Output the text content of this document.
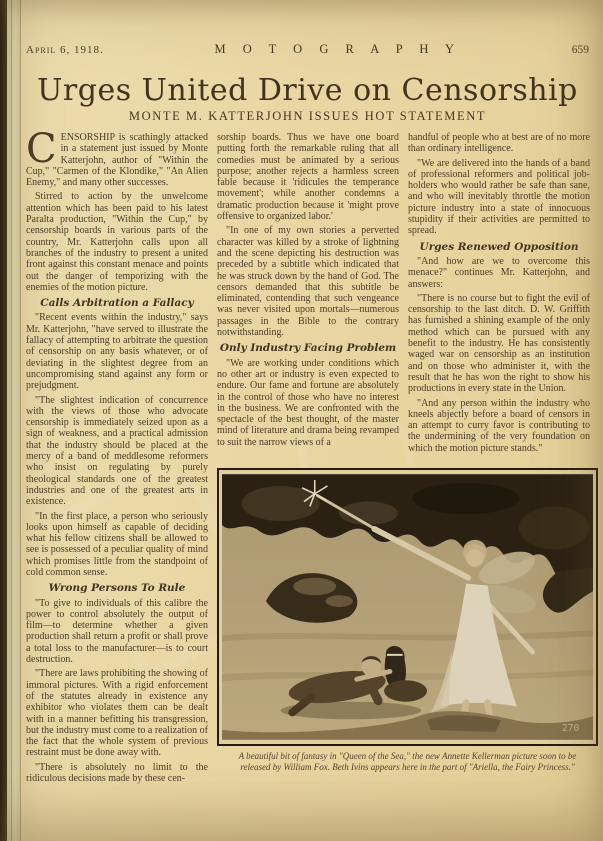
April 6, 1918.	M O T O G R A P H Y	659
Urges United Drive on Censorship
MONTE M. KATTERJOHN ISSUES HOT STATEMENT

CENSORSHIP is scathingly attacked in a statement just issued by Monte Katterjohn, author of "Within the Cup," "Carmen of the Klondike," "An Alien Enemy," and many other successes.

Stirred to action by the unwelcome attention which has been paid to his latest Paralta production, "Within the Cup," by censorship boards in various parts of the country, Mr. Katterjohn calls upon all branches of the industry to present a united front against this constant menace and points out the danger of temporizing with the enemies of the motion picture.

Calls Arbitration a Fallacy

"Recent events within the industry," says Mr. Katterjohn, "have served to illustrate the fallacy of attempting to arbitrate the question of censorship on any basis whatever, or of deviating in the slightest degree from an uncompromising stand against any form or prejudgment.

"The slightest indication of concurrence with the views of those who advocate censorship is immediately seized upon as a sign of weakness, and a practical admission that the industry should be placed at the mercy of a band of meddlesome reformers who insist on regulating by purely theological standards one of the greatest industries and one of the greatest arts in existence.

"In the first place, a person who seriously looks upon himself as capable of deciding what his fellow citizens shall be allowed to see is possessed of a peculiar quality of mind which promises little from the standpoint of cold common sense.

Wrong Persons To Rule

"To give to individuals of this calibre the power to control absolutely the output of film—to determine whether a given production shall return a profit or shall prove a total loss to the manufacturer—is to court destruction.

"There are laws prohibiting the showing of immoral pictures. With a rigid enforcement of the statutes already in existence any exhibitor who violates them can be dealt with in a manner befitting his transgression, but the industry must come to a realization of the fact that the whole system of previous restraint must be done away with.

"There is absolutely no limit to the ridiculous decisions made by these cen-

sorship boards. Thus we have one board putting forth the remarkable ruling that all comedies must be animated by a serious purpose; another rejects a harmless screen fable because it 'ridicules the temperance movement'; while another condemns a dramatic production because it 'might prove offensive to organized labor.'

"In one of my own stories a perverted character was killed by a stroke of lightning and the scene depicting his destruction was preceded by a subtitle which indicated that he was struck down by the hand of God. The censors demanded that this subtitle be eliminated, contending that such vengeance was never visited upon mortals—numerous passages in the Bible to the contrary notwithstanding.

Only Industry Facing Problem

"We are working under conditions which no other art or industry is even expected to endure. Our fame and fortune are absolutely in the control of those who have no interest in the business. We are confronted with the spectacle of the best thought, of the master mind of literature and drama being revamped to suit the narrow views of a

handful of people who at best are of no more than ordinary intelligence.

"We are delivered into the hands of a band of professional reformers and political job-holders who would rather be safe than sane, and who will inevitably throttle the motion picture industry into a state of innocuous stupidity if their activities are permitted to spread.

Urges Renewed Opposition

"And how are we to overcome this menace?" continues Mr. Katterjohn, and answers:

"There is no course but to fight the evil of censorship to the last ditch. D. W. Griffith has furnished a shining example of the only method which can be pursued with any benefit to the industry. He has consistently waged war on censorship as an institution and on those who administer it, with the result that he has won the right to show his productions in every state in the Union.

"And any person within the industry who kneels abjectly before a board of censors in an attempt to curry favor is contributing to the undermining of the very foundation on which the motion picture stands."

270
A beautiful bit of fantasy in "Queen of the Sea," the new Annette Kellerman picture soon to be released by William Fox. Beth Ivins appears here in the part of "Ariella, the Fairy Princess."
